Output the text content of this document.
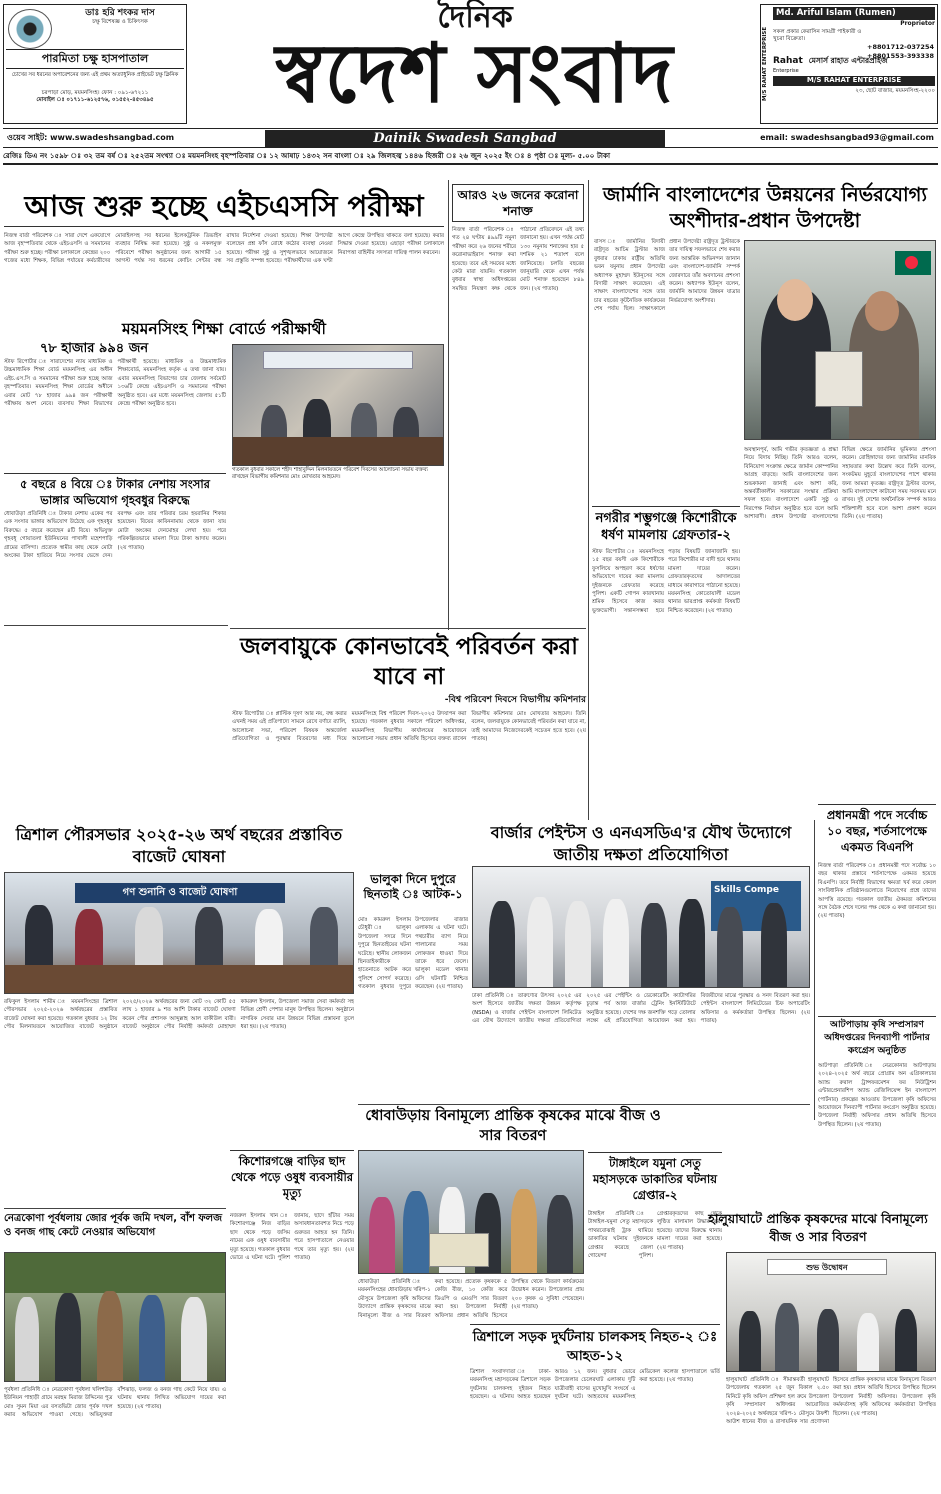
ডাঃ হরি শংকর দাস
চক্ষু বিশেষজ্ঞ ও চিকিৎসক
পারমিতা চক্ষু হাসপাতাল
চোখের সব ধরনের অপারেশনের জন্য এই প্রথম অত্যাধুনিক প্রাইভেট চক্ষু ক্লিনিক
চরপাড়া মোড়, ময়মনসিংহ। ফোন : ০৯১-৬৭২১১
মোবাইল ঃ ০১৭১১-৬১২৫৭৬, ০১৫৫২-৪৫৩৪৯৫
দৈনিক
স্বদেশ সংবাদ	M/S RAHAT ENTERPRISE
Md. Ariful Islam (Rumen)
Proprietor
সকল প্রকার কেরাসিন সামগ্রী পাইকারী ও খুচরা বিক্রেতা।
+8801712-037254
+8801553-393338
Rahat মেসার্স রাহাত এন্টারপ্রাইজ
Enterprise
M/S RAHAT ENTERPRISE
২৩, ছোট বাজার, ময়মনসিংহ-২২০০
ওয়েব সাইট: www.swadeshsangbad.com	Dainik Swadesh Sangbad	email: swadeshsangbad93@gmail.com
রেজিঃ ডিএ নং ১৫৯৮ ঃ ৩২ তম বর্ষ ঃ ২৫২তম সংখ্যা ঃ ময়মনসিংহ বৃহস্পতিবার ঃ ১২ আষাঢ় ১৪৩২ সন বাংলা ঃ ২৯ জিলহজ্ব ১৪৪৬ হিজরী ঃ ২৬ জুন ২০২৫ ইং ঃ ৪ পৃষ্ঠা ঃ মূল্য- ৫.০০ টাকা
আজ শুরু হচ্ছে এইচএসসি পরীক্ষা
নিজস্ব বার্তা পরিবেশক ঃ সারা দেশে একযোগে আজ বৃহস্পতিবার থেকে এইচএসসি ও সমমানের পরীক্ষা শুরু হচ্ছে। পরীক্ষা চলাকালে কেন্দ্রের ২০০ গজের মধ্যে শিক্ষক, বিভিন্ন পর্যায়ের কর্মচারীদের মোবাইলসহ সব ধরনের ইলেকট্রনিক ডিভাইস ব্যবহার নিষিদ্ধ করা হয়েছে। সুষ্ঠু ও নকলমুক্ত পরিবেশে পরীক্ষা অনুষ্ঠানের জন্য আগামী ১৫ আগস্ট পর্যন্ত সব ধরনের কোচিং সেন্টার বন্ধ রাখার নির্দেশনা দেওয়া হয়েছে। শিক্ষা উপদেষ্টা বলেছেন প্রশ্ন ফাঁস রোধে কঠোর ব্যবস্থা নেওয়া হয়েছে। পরীক্ষা সুষ্ঠু ও সুশৃঙ্খলভাবে আয়োজনে সব প্রস্তুতি সম্পন্ন হয়েছে। পরীক্ষার্থীদের এক ঘণ্টা আগে কেন্দ্রে উপস্থিত থাকতে বলা হয়েছে। করার সিদ্ধান্ত দেওয়া হয়েছে। এছাড়া পরীক্ষা চলাকালে নিরাপত্তা বাহিনীর সদস্যরা দায়িত্ব পালন করবেন।
ময়মনসিংহ শিক্ষা বোর্ডে পরীক্ষার্থী
৭৮ হাজার ৯৯৪ জন
স্টাফ রিপোর্টার ঃ সারাদেশের ন্যায় মাধ্যমিক ও উচ্চমাধ্যমিক শিক্ষা বোর্ড ময়মনসিংহ এর অধীন এইচ.এস.সি ও সমমানের পরীক্ষা শুরু হচ্ছে আজ বৃহস্পতিবার। ময়মনসিংহ শিক্ষা বোর্ডের অধীনে এবার মোট ৭৮ হাজার ৯৯৪ জন পরীক্ষার্থী পরীক্ষায় অংশ নেবে। ব্যবসায় শিক্ষা বিভাগের পরীক্ষার্থী হয়েছে। মাধ্যমিক ও উচ্চমাধ্যমিক শিক্ষাবোর্ড, ময়মনসিংহ কর্তৃক এ তথ্য জানা যায়। এবার ময়মনসিংহ বিভাগের চার জেলায় সর্বমোট ১৩৬টি কেন্দ্রে এইচএসসি ও সমমানের পরীক্ষা অনুষ্ঠিত হবে। এর মধ্যে ময়মনসিংহ জেলায় ৫১টি কেন্দ্রে পরীক্ষা অনুষ্ঠিত হবে।
গতকাল বুধবার সকালে শহীদ শাহাবুদ্দিন মিলনায়তনে পরিবেশ দিবসের আলোচনা সভায় বক্তব্য রাখছেন বিভাগীয় কমিশনার মোঃ মোখতার আহমেদ।
৫ বছরে ৪ বিয়ে ঃ টাকার নেশায় সংসার ভাঙ্গার অভিযোগ গৃহবধুর বিরুদ্ধে
ধোবাউড়া প্রতিনিধি ঃ টাকার নেশায় একের পর এক সংসার ভাঙ্গার অভিযোগ উঠেছে এক গৃহবধুর বিরুদ্ধে। ৫ বছরে করেছেন ৪টি বিয়ে। অভিযুক্ত গৃহবধূ গোয়াতলা ইউনিয়নের পাখালী মহেশপাড়ি গ্রামের বাসিন্দা। প্রত্যেক স্বামীর কাছ থেকে মোটা অংকের টাকা হাতিয়ে নিয়ে সংসার ভেঙ্গে দেন। বরপক্ষ এবং তার পরিবার চরম হয়রানির শিকার হয়েছেন। বিয়ের কাবিননামায় থেকে জানা যায় মোটা অংকের দেনমোহর লেখা হয়। পরে পরিকল্পিতভাবে মামলা দিয়ে টাকা আদায় করেন। (২য় পাতায়)
আরও ২৬ জনের করোনা শনাক্ত
নিজস্ব বার্তা পরিবেশক ঃ গত ২৪ ঘণ্টায় ৪৯৯টি নমুনা পরীক্ষা করে ২৬ জনের শরীরে করোনাভাইরাস শনাক্ত করা হয়েছে। তবে এই সময়ের মধ্যে কেউ মারা যায়নি। গতকাল বুধবার স্বাস্থ্য অধিদপ্তরের সমন্বিত নিয়ন্ত্রণ কক্ষ থেকে পাঠানো প্রতিবেদনে এই তথ্য জানানো হয়। এখন পর্যন্ত মোট ১৩০ নমুনায় শনাক্তের হার ৫ দশমিক ২১ শতাংশ বলে জানিয়েছে। চলতি বছরের জানুয়ারি থেকে এখন পর্যন্ত মোট শনাক্ত হয়েছেন ৮৪৯ জন। (২য় পাতায়)
জার্মানি বাংলাদেশের উন্নয়নের নির্ভরযোগ্য অংশীদার-প্রধান উপদেষ্টা
বাসস ঃ জার্মানির বিদায়ী রাষ্ট্রদূত আচিম ট্রস্টার আজ বুধবার ঢাকায় রাষ্ট্রীয় অতিথি ভবন যমুনায় প্রধান উপদেষ্টা অধ্যাপক মুহাম্মদ ইউনূসের সঙ্গে বিদায়ী সাক্ষাৎ করেছেন। এই সাক্ষাৎ বাংলাদেশের সঙ্গে তার চার বছরের কূটনৈতিক কার্যক্রমের শেষ পর্যায় ছিল। সাক্ষাৎকালে প্রধান উপদেষ্টা রাষ্ট্রদূত ট্রস্টারকে তার দায়িত্ব সফলভাবে শেষ করার জন্য আন্তরিক অভিনন্দন জানান এবং বাংলাদেশ-জার্মানি সম্পর্ক জোরদারে তাঁর অবদানের প্রশংসা করেন। অধ্যাপক ইউনূস বলেন, জার্মানি আমাদের উন্নয়ন যাত্রার নির্ভরযোগ্য অংশীদার।
অবস্থানপূর্ব, আমি গভীর কৃতজ্ঞতা ও শ্রদ্ধা নিয়ে বিদায় নিচ্ছি। তিনি আরও বলেন, বিনিয়োগ সংক্রান্ত ক্ষেত্রে জার্মান কোম্পানির আগ্রহ বাড়ছে। আমি বাংলাদেশের জন্য শুভকামনা জানাই এবং আশা করি, অন্তর্বর্তীকালীন সরকারের সংস্কার প্রক্রিয়া সফল হবে। বাংলাদেশে একটি সুষ্ঠু ও নিরপেক্ষ নির্বাচন অনুষ্ঠিত হবে বলে আমি আশাবাদী। প্রধান উপদেষ্টা বাংলাদেশের বিভিন্ন ক্ষেত্রে জার্মানির ভূমিকার প্রশংসা করেন। রোহিঙ্গাদের জন্য জার্মানির মানবিক সহায়তার কথা উল্লেখ করে তিনি বলেন, সংকটময় মুহূর্তে বাংলাদেশের পাশে থাকার জন্য আমরা কৃতজ্ঞ। রাষ্ট্রদূত ট্রস্টার বলেন, আমি বাংলাদেশে কাটানো সময় সবসময় মনে রাখব। দুই দেশের অর্থনৈতিক সম্পর্ক আরও শক্তিশালী হবে বলে আশা প্রকাশ করেন তিনি। (২য় পাতায়)
নগরীর শম্ভুগঞ্জে কিশোরীকে ধর্ষণ মামলায় গ্রেফতার-২
স্টাফ রিপোর্টার ঃ ময়মনসিংহে ১৫ বছর বয়সী এক কিশোরীকে ফুসলিয়ে অপহরণ করে ধর্ষণের অভিযোগে দায়ের করা মামলায় দুইজনকে গ্রেফতার করেছে পুলিশ। একটি গোপন কারখানায় শ্রমিক হিসেবে কাজ করত ভুক্তভোগী। সন্তানসম্ভবা হয়ে পড়ায় বিষয়টি জানাজানি হয়। পরে কিশোরীর মা বাদী হয়ে থানায় মামলা দায়ের করেন। গ্রেফতারকৃতদের আদালতের মাধ্যমে কারাগারে পাঠানো হয়েছে। ময়মনসিংহ কোতোয়ালী মডেল থানার ভারপ্রাপ্ত কর্মকর্তা বিষয়টি নিশ্চিত করেছেন। (২য় পাতায়)
জলবায়ুকে কোনভাবেই পরিবর্তন করা যাবে না
-বিশ্ব পরিবেশ দিবসে বিভাগীয় কমিশনার
স্টাফ রিপোর্টার ঃ প্লাস্টিক দূষণ আর নয়, বন্ধ করার এখনই সময় এই প্রতিপাদ্যে সামনে রেখে বর্ণাঢ্য র‍্যালি, আলোচনা সভা, পরিবেশ বিষয়ক অন্তর্জেলা প্রতিযোগিতা ও পুরস্কার বিতরণের মধ্য দিয়ে ময়মনসিংহে বিশ্ব পরিবেশ দিবস-২০২৫ উদযাপন করা হয়েছে। গতকাল বুধবার সকালে পরিবেশ অধিদপ্তর, ময়মনসিংহ বিভাগীয় কার্যালয়ের আয়োজনে আলোচনা সভায় প্রধান অতিথি হিসেবে বক্তব্য রাখেন বিভাগীয় কমিশনার মোঃ মোখতার আহমেদ। তিনি বলেন, জলবায়ুকে কোনভাবেই পরিবর্তন করা যাবে না, তাই আমাদের নিজেদেরকেই সচেতন হতে হবে। (২য় পাতায়)
ত্রিশাল পৌরসভার ২০২৫-২৬ অর্থ বছরের প্রস্তাবিত বাজেট ঘোষনা
গণ শুনানি ও বাজেট ঘোষণা
রফিকুল ইসলাম শামীম ঃ ময়মনসিংহের ত্রিশাল পৌরসভার ২০২৫-২০২৬ অর্থবছরের প্রস্তাবিত বাজেট ঘোষনা করা হয়েছে। গতকাল বুধবার ১২ টায় পৌর মিলনায়তনে আয়োজিত বাজেট অনুষ্ঠানে ২০২৫/২০২৬ অর্থবছরের জন্য মোট ৩২ কোটি ৫৫ লাখ ১ হাজার ৯ শত আশি টাকার বাজেট ঘোষণা করেন পৌর প্রশাসক আব্দুল্লাহ আল বাকীউল বারী। বাজেট অনুষ্ঠানে পৌর নির্বাহী কর্মকর্তা মোহাম্মদ কামরুল ইসলাম, উপজেলা সমাজ সেবা কর্মকর্তা সহ বিভিন্ন শ্রেণী পেশার মানুষ উপস্থিত ছিলেন। অনুষ্ঠানে নাগরিক সেবার মান উন্নয়নে বিভিন্ন প্রস্তাবনা তুলে ধরা হয়। (২য় পাতায়)
ভালুকা দিনে দুপুরে ছিনতাই ঃ আটক-১
মোঃ কামরুল ইসলাম চৌধুরী ঃ ভালুকা উপজেলা সদরে দিনে দুপুরে ছিনতাইয়ের ঘটনা ঘটেছে। স্থানীয় লোকজন ছিনতাইকারীকে হাতেনাতে আটক করে পুলিশে সোপর্দ করেছে। গতকাল বুধবার দুপুরে উপজেলার বাজার এলাকায় এ ঘটনা ঘটে। পথচারীর ব্যাগ নিয়ে পালানোর সময় লোকজন ধাওয়া দিয়ে তাকে ধরে ফেলে। ভালুকা মডেল থানার ওসি ঘটনাটি নিশ্চিত করেছেন। (২য় পাতায়)
বার্জার পেইন্টস ও এনএসডিএ'র যৌথ উদ্যোগে জাতীয় দক্ষতা প্রতিযোগিতা
Skills Compe
ঢাকা প্রতিনিধি ঃ তারুণ্যের উৎসব ২০২৫ এর অংশ হিসেবে জাতীয় দক্ষতা উন্নয়ন কর্তৃপক্ষ (NSDA) ও বার্জার পেইন্টস বাংলাদেশ লিমিটেড এর যৌথ উদ্যোগে জাতীয় দক্ষতা প্রতিযোগিতা ২০২৫ এর পেইন্টিং ও ডেকোরেটিং ক্যাটাগরির চূড়ান্ত পর্ব আজ বার্জার ট্রেনিং ইনস্টিটিউটে অনুষ্ঠিত হয়েছে। দেশের দক্ষ জনশক্তি গড়ে তোলার লক্ষ্যে এই প্রতিযোগিতা আয়োজন করা হয়। বিজয়ীদের মাঝে পুরস্কার ও সনদ বিতরণ করা হয়। পেইন্টস বাংলাদেশ লিমিটেডের চিফ অপারেটিং অফিসার ও কর্মকর্তারা উপস্থিত ছিলেন। (২য় পাতায়)
প্রধানমন্ত্রী পদে সর্বোচ্চ ১০ বছর, শর্তসাপেক্ষে একমত বিএনপি
নিজস্ব বার্তা পরিবেশক ঃ প্রধানমন্ত্রী পদে সর্বোচ্চ ১০ বছর থাকার প্রস্তাবে শর্তসাপেক্ষে একমত হয়েছে বিএনপি। তবে নির্বাহী বিভাগের ক্ষমতা খর্ব করে কেবল সাংবিধানিক প্রতিষ্ঠানগুলোতে নিয়োগের প্রশ্নে তাদের আপত্তি রয়েছে। গতকাল জাতীয় ঐকমত্য কমিশনের সঙ্গে বৈঠক শেষে দলের পক্ষ থেকে এ কথা জানানো হয়। (২য় পাতায়)
আটপাড়ায় কৃষি সম্প্রসারণ অধিদপ্তরের দিনব্যাপী পার্টনার কংগ্রেস অনুষ্ঠিত
আটপাড়া প্রতিনিধি ঃ নেত্রকোনার আটপাড়ায় ২০২৪-২০২৫ অর্থ বছরে প্রোগ্রাম অন এগ্রিকালচার অ্যান্ড রুরাল ট্রান্সফরমেশন ফর নিউট্রিশন এন্টারপ্রেনারশিপ অ্যান্ড রেজিলিয়েন্স ইন বাংলাদেশ (পার্টনার) প্রকল্পের আওতায় উপজেলা কৃষি অফিসের আয়োজনে দিনব্যাপী পার্টনার কংগ্রেস অনুষ্ঠিত হয়েছে। উপজেলা নির্বাহী অফিসার প্রধান অতিথি হিসেবে উপস্থিত ছিলেন। (২য় পাতায়)
ধোবাউড়ায় বিনামূল্যে প্রান্তিক কৃষকের মাঝে বীজ ও সার বিতরণ
ধোবাউড়া প্রতিনিধি ঃ ময়মনসিংহের ধোবাউড়ায় খরিপ-১ মৌসুমে উপজেলা কৃষি অফিসের উদ্যোগে প্রান্তিক কৃষকদের মাঝে বিনামূল্যে বীজ ও সার বিতরণ করা হয়েছে। প্রত্যেক কৃষককে ৫ কেজি বীজ, ১০ কেজি করে ডিএপি ও এমওপি সার বিতরণ করা হয়। উপজেলা নির্বাহী অফিসার প্রধান অতিথি হিসেবে উপস্থিত থেকে বিতরণ কার্যক্রমের উদ্বোধন করেন। উপজেলার প্রায় ২০০ কৃষক এ সুবিধা পেয়েছেন। (২য় পাতায়)
টাঙ্গাইলে যমুনা সেতু মহাসড়কে ডাকাতির ঘটনায় গ্রেপ্তার-২
টাঙ্গাইল প্রতিনিধি ঃ টাঙ্গাইল-যমুনা সেতু মহাসড়কে পাথরবোঝাই ট্রাক থামিয়ে ডাকাতির ঘটনায় দুইজনকে গ্রেপ্তার করেছে জেলা গোয়েন্দা পুলিশ। গ্রেপ্তারকৃতদের কাছ থেকে লুণ্ঠিত মালামাল উদ্ধার করা হয়েছে। তাদের বিরুদ্ধে থানায় মামলা দায়ের করা হয়েছে। (২য় পাতায়)
হালুয়াঘাটে প্রান্তিক কৃষকদের মাঝে বিনামূল্যে বীজ ও সার বিতরণ
শুভ উদ্বোধন
হালুয়াঘাট প্রতিনিধি ঃ সীমান্তবর্তী হালুয়াঘাট উপজেলায় গতকাল ২৫ জুন বিকাল ২.৫০ মিনিটে কৃষি অফিস প্রশিক্ষণ হল রুমে উপজেলা কৃষি সম্প্রসারণ অধিদপ্তর আয়োজিত ২০২৪-২০২৫ অর্থবছরে খরিপ-১ মৌসুমে উফশী আউশ ধানের বীজ ও রাসায়নিক সার প্রণোদনা হিসেবে প্রান্তিক কৃষকদের মাঝে বিনামূল্যে বিতরণ করা হয়। প্রধান অতিথি হিসেবে উপস্থিত ছিলেন উপজেলা নির্বাহী অফিসার। উপজেলা কৃষি কর্মকর্তাসহ কৃষি অফিসের কর্মকর্তারা উপস্থিত ছিলেন। (২য় পাতায়)
কিশোরগঞ্জে বাড়ির ছাদ থেকে পড়ে ওষুধ ব্যবসায়ীর মৃত্যু
নজরুল ইসলাম খান ঃ কিশোরগঞ্জে নিজ বাড়ির ছাদ থেকে পড়ে জসিম নামের এক ওষুধ ব্যবসায়ীর মৃত্যু হয়েছে। গতকাল বুধবার ভোরে এ ঘটনা ঘটে। পুলিশ জানায়, ছাদে হাঁটার সময় অসাবধানতাবশত নিচে পড়ে গুরুতর আহত হন তিনি। পরে হাসপাতালে নেওয়ার পথে তার মৃত্যু হয়। (২য় পাতায়)
নেত্রকোণা পূর্বধলায় জোর পূর্বক জমি দখল, বাঁশ ফলজ ও বনজ গাছ কেটে নেওয়ার অভিযোগ
পূর্বধলা প্রতিনিধি ঃ নেত্রকোণা পূর্বধলা খলিশউড় ইউনিয়ন পাহাড়ী গ্রামে মরহুম মিরাজ উদ্দিনের পুত্র মোঃ সুমন মিয়া এর বসতভিটা জোর পূর্বক দখল করার অভিযোগ পাওয়া গেছে। অভিযুক্তরা বাঁশঝাড়, ফলজ ও বনজ গাছ কেটে নিয়ে যায়। এ ঘটনায় থানায় লিখিত অভিযোগ দায়ের করা হয়েছে। (২য় পাতায়)
ত্রিশালে সড়ক দুর্ঘটনায় চালকসহ নিহত-২ ঃ আহত-১২
ত্রিশাল সংবাদদাতা ঃ ঢাকা-ময়মনসিংহ মহাসড়কের ত্রিশালে সড়ক দুর্ঘটনায় চালকসহ দুইজন নিহত হয়েছেন। এ ঘটনায় আহত হয়েছেন আরও ১২ জন। বুধবার ভোরে উপজেলার চেলেরঘাট এলাকায় দুটি যাত্রীবাহী বাসের মুখোমুখি সংঘর্ষে এ দুর্ঘটনা ঘটে। আহতদের ময়মনসিংহ মেডিকেল কলেজ হাসপাতালে ভর্তি করা হয়েছে। (২য় পাতায়)
